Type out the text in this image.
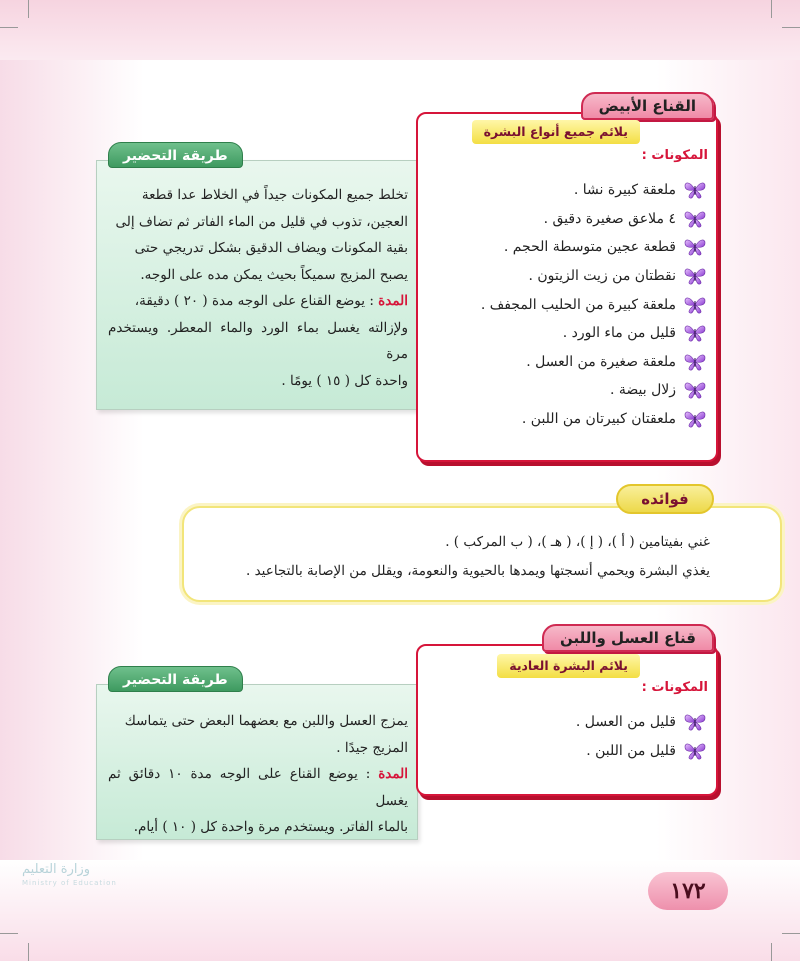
طريقة التحضير

تخلط جميع المكونات جيداً في الخلاط عدا قطعة

العجين، تذوب في قليل من الماء الفاتر ثم تضاف إلى

بقية المكونات ويضاف الدقيق بشكل تدريجي حتى

يصبح المزيج سميكاً بحيث يمكن مده على الوجه.

المدة : يوضع القناع على الوجه مدة ( ٢٠ ) دقيقة،

ولإزالته يغسل بماء الورد والماء المعطر. ويستخدم مرة

واحدة كل ( ١٥ ) يومًا .

القناع الأبيض
يلائم جميع أنواع البشرة
المكونات :
ملعقة كبيرة نشا .
٤ ملاعق صغيرة دقيق .
قطعة عجين متوسطة الحجم .
نقطتان من زيت الزيتون .
ملعقة كبيرة من الحليب المجفف .
قليل من ماء الورد .
ملعقة صغيرة من العسل .
زلال بيضة .
ملعقتان كبيرتان من اللبن .
فوائده
غني بفيتامين ( أ )، ( إ )، ( هـ )، ( ب المركب ) .
يغذي البشرة ويحمي أنسجتها ويمدها بالحيوية والنعومة، ويقلل من الإصابة بالتجاعيد .
طريقة التحضير

يمزج العسل واللبن مع بعضهما البعض حتى يتماسك

المزيج جيدًا .

المدة : يوضع القناع على الوجه مدة ١٠ دقائق ثم يغسل

بالماء الفاتر. ويستخدم مرة واحدة كل ( ١٠ ) أيام.

قناع العسل واللبن
يلائم البشرة العادية
المكونات :
قليل من العسل .
قليل من اللبن .
وزارة التعليم
Ministry of Education	١٧٢
